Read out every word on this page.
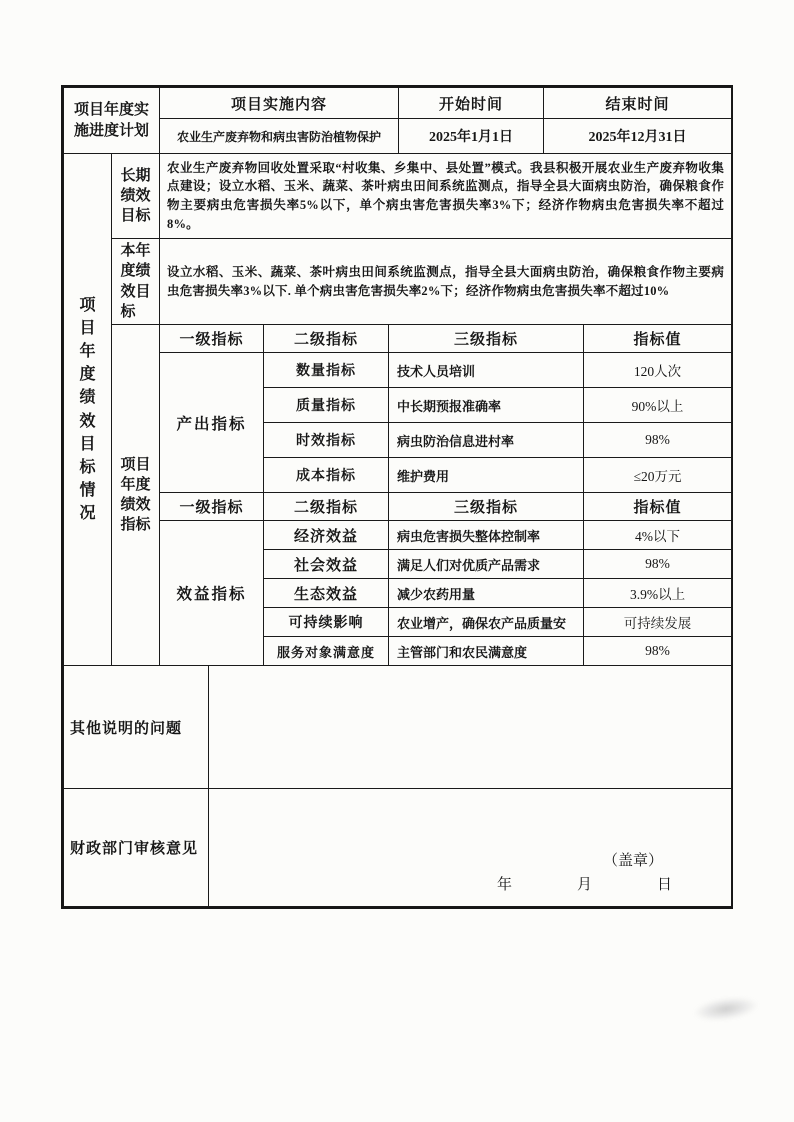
项目年度实施进度计划	项目实施内容	开始时间	结束时间
	农业生产废弃物和病虫害防治植物保护	2025年1月1日	2025年12月31日
项目年度绩效目标情况	长期绩效目标	农业生产废弃物回收处置采取“村收集、乡集中、县处置”模式。我县积极开展农业生产废弃物收集点建设；设立水稻、玉米、蔬菜、茶叶病虫田间系统监测点，指导全县大面病虫防治，确保粮食作物主要病虫危害损失率5%以下，单个病虫害危害损失率3%下；经济作物病虫危害损失率不超过8%。			

	本年度绩效目标	设立水稻、玉米、蔬菜、茶叶病虫田间系统监测点，指导全县大面病虫防治，确保粮食作物主要病虫危害损失率3%以下. 单个病虫害危害损失率2%下；经济作物病虫危害损失率不超过10%			

	项目年度绩效指标	一级指标	二级指标	三级指标	指标值
		产出指标	数量指标	技术人员培训	120人次
			质量指标	中长期预报准确率	90%以上
			时效指标	病虫防治信息进村率	98%
			成本指标	维护费用	≤20万元
		一级指标	二级指标	三级指标	指标值
		效益指标	经济效益	病虫危害损失整体控制率	4%以下
			社会效益	满足人们对优质产品需求	98%
			生态效益	减少农药用量	3.9%以上
			可持续影响	农业增产，确保农产品质量安	可持续发展
			服务对象满意度	主管部门和农民满意度	98%
其他说明的问题	
财政部门审核意见	
（盖章）
年　　　　月　　　　日
